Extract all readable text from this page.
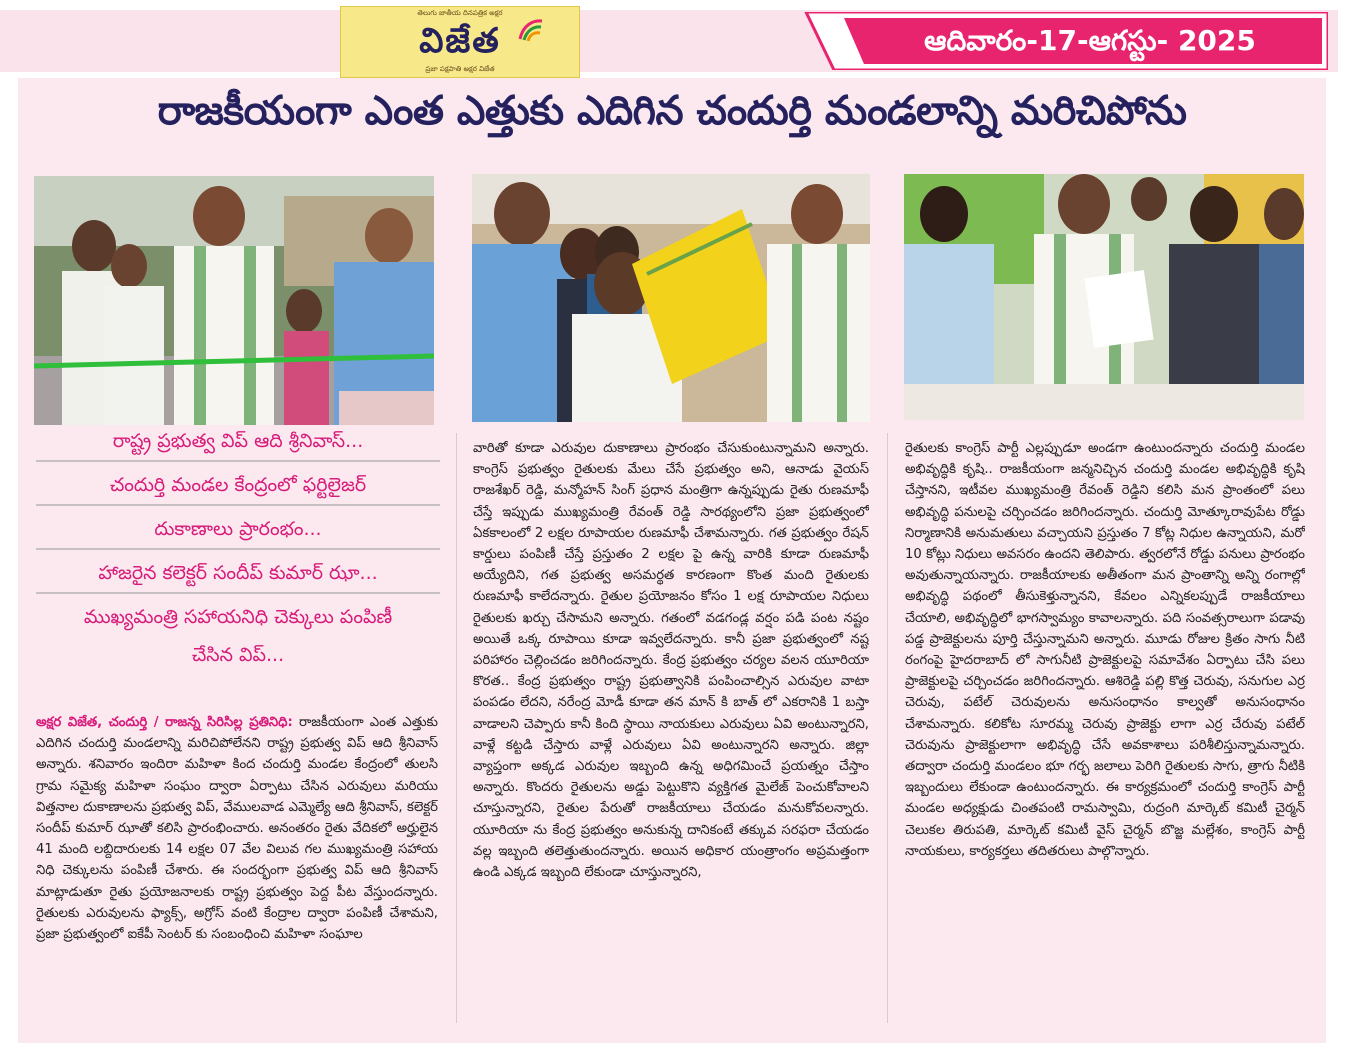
తెలుగు జాతీయ దినపత్రిక అక్షర
విజేత
ప్రజా పక్షపాతి అక్షర విజేత
ఆదివారం-17-ఆగస్టు- 2025
రాజకీయంగా ఎంత ఎత్తుకు ఎదిగిన చందుర్తి మండలాన్ని మరిచిపోను
రాష్ట్ర ప్రభుత్వ విప్ ఆది శ్రీనివాస్...
చందుర్తి మండల కేంద్రంలో ఫర్టిలైజర్
దుకాణాలు ప్రారంభం...
హాజరైన కలెక్టర్ సందీప్ కుమార్ ఝా...
ముఖ్యమంత్రి సహాయనిధి చెక్కులు పంపిణీ
చేసిన విప్...
అక్షర విజేత, చందుర్తి / రాజన్న సిరిసిల్ల ప్రతినిధి: రాజకీయంగా ఎంత ఎత్తుకు ఎదిగిన చందుర్తి మండలాన్ని మరిచిపోలేనని రాష్ట్ర ప్రభుత్వ విప్ ఆది శ్రీనివాస్ అన్నారు. శనివారం ఇందిరా మహిళా కింద చందుర్తి మండల కేంద్రంలో తులసి గ్రామ సమైక్య మహిళా సంఘం ద్వారా ఏర్పాటు చేసిన ఎరువులు మరియు విత్తనాల దుకాణాలను ప్రభుత్వ విప్, వేములవాడ ఎమ్మెల్యే ఆది శ్రీనివాస్, కలెక్టర్ సందీప్ కుమార్ ఝాతో కలిసి ప్రారంభించారు. అనంతరం రైతు వేదికలో అర్హులైన 41 మంది లబ్దిదారులకు 14 లక్షల 07 వేల విలువ గల ముఖ్యమంత్రి సహాయ నిధి చెక్కులను పంపిణీ చేశారు. ఈ సందర్భంగా ప్రభుత్వ విప్ ఆది శ్రీనివాస్ మాట్లాడుతూ రైతు ప్రయోజనాలకు రాష్ట్ర ప్రభుత్వం పెద్ద పీట వేస్తుందన్నారు. రైతులకు ఎరువులను ఫ్యాక్స్, అగ్రోస్ వంటి కేంద్రాల ద్వారా పంపిణీ చేశామని, ప్రజా ప్రభుత్వంలో ఐకేపీ సెంటర్ కు సంబంధించి మహిళా సంఘాల
వారితో కూడా ఎరువుల దుకాణాలు ప్రారంభం చేసుకుంటున్నామని అన్నారు. కాంగ్రెస్ ప్రభుత్వం రైతులకు మేలు చేసే ప్రభుత్వం అని, ఆనాడు వైయస్ రాజశేఖర్ రెడ్డి, మన్మోహన్ సింగ్ ప్రధాన మంత్రిగా ఉన్నప్పుడు రైతు రుణమాఫీ చేస్తే ఇప్పుడు ముఖ్యమంత్రి రేవంత్ రెడ్డి సారథ్యంలోని ప్రజా ప్రభుత్వంలో ఏకకాలంలో 2 లక్షల రూపాయల రుణమాఫీ చేశామన్నారు. గత ప్రభుత్వం రేషన్ కార్డులు పంపిణీ చేస్తే ప్రస్తుతం 2 లక్షల పై ఉన్న వారికి కూడా రుణమాఫీ అయ్యేదిని, గత ప్రభుత్వ అసమర్థత కారణంగా కొంత మంది రైతులకు రుణమాఫీ కాలేదన్నారు. రైతుల ప్రయోజనం కోసం 1 లక్ష రూపాయల నిధులు రైతులకు ఖర్చు చేసామని అన్నారు. గతంలో వడగండ్ల వర్షం పడి పంట నష్టం అయితే ఒక్క రూపాయి కూడా ఇవ్వలేదన్నారు. కానీ ప్రజా ప్రభుత్వంలో నష్ట పరిహారం చెల్లించడం జరిగిందన్నారు. కేంద్ర ప్రభుత్వం చర్యల వలన యూరియా కొరత.. కేంద్ర ప్రభుత్వం రాష్ట్ర ప్రభుత్వానికి పంపించాల్సిన ఎరువుల వాటా పంపడం లేదని, నరేంద్ర మోడీ కూడా తన మాన్ కి బాత్ లో ఎకరానికి 1 బస్తా వాడాలని చెప్పారు కానీ కింది స్థాయి నాయకులు ఎరువులు ఏవి అంటున్నారని, వాళ్లే కట్టడి చేస్తారు వాళ్లే ఎరువులు ఏవి అంటున్నారని అన్నారు. జిల్లా వ్యాప్తంగా అక్కడ ఎరువుల ఇబ్బంది ఉన్న అధిగమించే ప్రయత్నం చేస్తాం అన్నారు. కొందరు రైతులను అడ్డు పెట్టుకొని వ్యక్తిగత మైలేజ్ పెంచుకోవాలని చూస్తున్నారని, రైతుల పేరుతో రాజకీయాలు చేయడం మనుకోవలన్నారు. యూరియా ను కేంద్ర ప్రభుత్వం అనుకున్న దానికంటే తక్కువ సరఫరా చేయడం వల్ల ఇబ్బంది తలెత్తుతుందన్నారు. అయిన అధికార యంత్రాంగం అప్రమత్తంగా ఉండి ఎక్కడ ఇబ్బంది లేకుండా చూస్తున్నారని,
రైతులకు కాంగ్రెస్ పార్టీ ఎల్లప్పుడూ అండగా ఉంటుందన్నారు చందుర్తి మండల అభివృద్ధికి కృషి.. రాజకీయంగా జన్మనిచ్చిన చందుర్తి మండల అభివృద్ధికి కృషి చేస్తానని, ఇటీవల ముఖ్యమంత్రి రేవంత్ రెడ్డిని కలిసి మన ప్రాంతంలో పలు అభివృద్ధి పనులపై చర్చించడం జరిగిందన్నారు. చందుర్తి మోత్కూరావుపేట రోడ్డు నిర్మాణానికి అనుమతులు వచ్చాయని ప్రస్తుతం 7 కోట్ల నిధుల ఉన్నాయని, మరో 10 కోట్లు నిధులు అవసరం ఉందని తెలిపారు. త్వరలోనే రోడ్డు పనులు ప్రారంభం అవుతున్నాయన్నారు. రాజకీయాలకు అతీతంగా మన ప్రాంతాన్ని అన్ని రంగాల్లో అభివృద్ధి పథంలో తీసుకెళ్తున్నానని, కేవలం ఎన్నికలప్పుడే రాజకీయాలు చేయాలి, అభివృద్ధిలో భాగస్వామ్యం కావాలన్నారు. పది సంవత్సరాలుగా పడావు పడ్డ ప్రాజెక్టులను పూర్తి చేస్తున్నామని అన్నారు. మూడు రోజుల క్రితం సాగు నీటి రంగంపై హైదరాబాద్ లో సాగునీటి ప్రాజెక్టులపై సమావేశం ఏర్పాటు చేసి పలు ప్రాజెక్టులపై చర్చించడం జరిగిందన్నారు. ఆశిరెడ్డి పల్లి కొత్త చెరువు, సనుగుల ఎర్ర చెరువు, పటేల్ చెరువులను అనుసంధానం కాల్వతో అనుసంధానం చేశామన్నారు. కలికోట సూరమ్మ చెరువు ప్రాజెక్టు లాగా ఎర్ర చేరువు పటేల్ చెరువును ప్రాజెక్టులాగా అభివృద్ధి చేసే అవకాశాలు పరిశీలిస్తున్నామన్నారు. తద్వారా చందుర్తి మండలం భూ గర్భ జలాలు పెరిగి రైతులకు సాగు, త్రాగు నీటికి ఇబ్బందులు లేకుండా ఉంటుందన్నారు. ఈ కార్యక్రమంలో చందుర్తి కాంగ్రెస్ పార్టీ మండల అధ్యక్షుడు చింతపంటి రామస్వామి, రుద్రంగి మార్కెట్ కమిటీ చైర్మన్ చెలుకల తిరుపతి, మార్కెట్ కమిటీ వైస్ చైర్మన్ బొజ్జ మల్లేశం, కాంగ్రెస్ పార్టీ నాయకులు, కార్యకర్తలు తదితరులు పాల్గొన్నారు.
